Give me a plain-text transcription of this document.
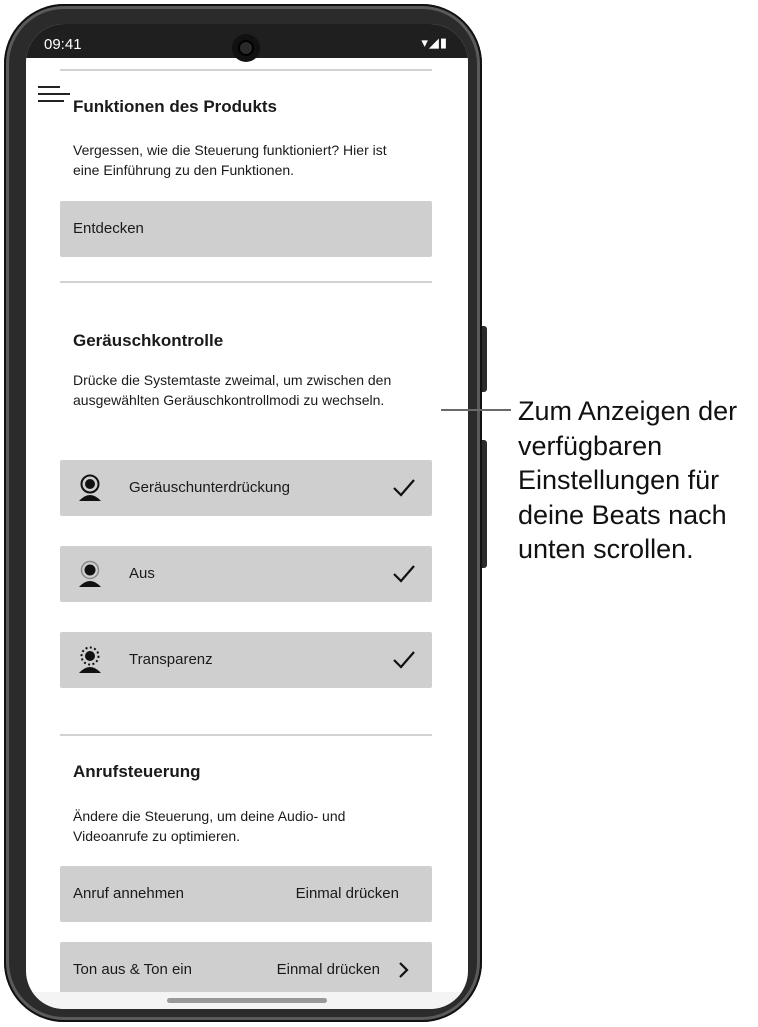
09:41	▾◢▮
Funktionen des Produkts
Vergessen, wie die Steuerung funktioniert? Hier ist eine Einführung zu den Funktionen.
Entdecken
Geräuschkontrolle
Drücke die Systemtaste zweimal, um zwischen den ausgewählten Geräuschkontrollmodi zu wechseln.
Geräuschunterdrückung
Aus
Transparenz
Anrufsteuerung
Ändere die Steuerung, um deine Audio- und Videoanrufe zu optimieren.
Anruf annehmen	Einmal drücken
Ton aus & Ton ein	Einmal drücken
Zum Anzeigen der verfügbaren Einstellungen für deine Beats nach unten scrollen.
